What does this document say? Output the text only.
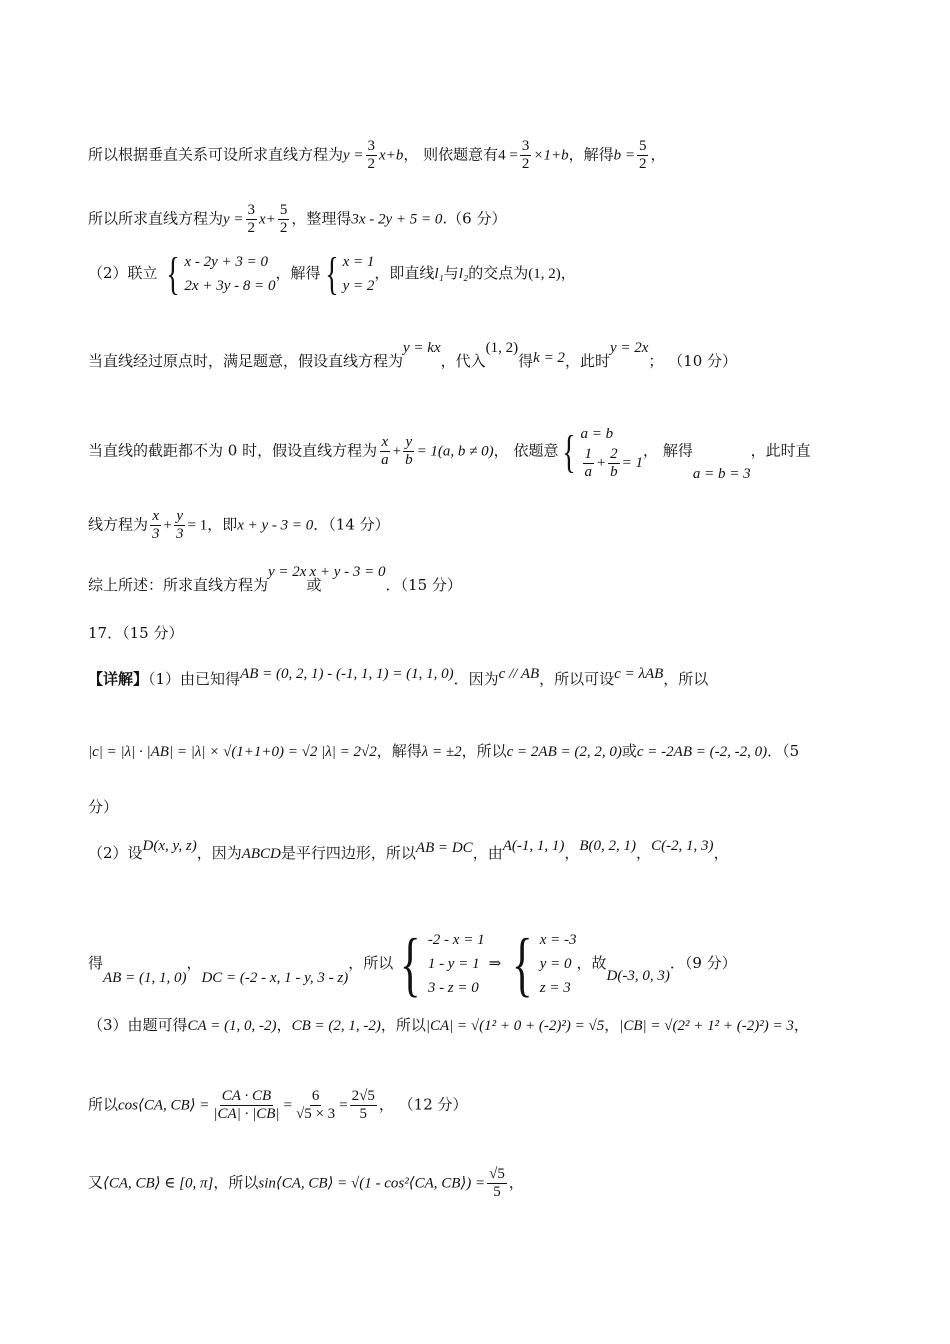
所以根据垂直关系可设所求直线方程为$y = \frac{3}{2} x+b$， 则依题意有$4 = \frac{3}{2} \times 1+b$，解得$b = \frac{5}{2}$ ，
所以所求直线方程为$y = \frac{3}{2} x+ \frac{5}{2}$ ，整理得3x - 2y + 5 = 0.（6 分）
（2）联立 { x - 2y + 3 = 0
2x + 3y - 8 = 0
，解得 { x = 1
y = 2
，即直线l₁与l₂的交点为(1, 2)，
当直线经过原点时，满足题意，假设直线方程为y = kx，代入(1, 2)得k = 2，此时y = 2x； （10 分）
当直线的截距都不为 0 时，假设直线方程为 $\frac{x}{a} + \frac{y}{b} = 1(a$, b ≠ 0)， 依题意 { a = b
$\frac{1}{a} + \frac{2}{b} = 1$
， 解得a = b = 3，此时直
线方程为 $\frac{x}{3} + \frac{y}{3} = 1$，即x + y - 3 = 0．（14 分）
综上所述：所求直线方程为y = 2x或x + y - 3 = 0．（15 分）
17．（15 分）
【详解】（1）由已知得AB = (0, 2, 1) - (-1, 1, 1) = (1, 1, 0)．因为c // AB，所以可设c = λAB，所以
|c| = |λ| · |AB| = |λ| × √(1+1+0) = √2 |λ| = 2√2，解得λ = ±2，所以c = 2AB = (2, 2, 0)或c = -2AB = (-2, -2, 0)．（5
分）
（2）设D(x, y, z)，因为ABCD是平行四边形，所以AB = DC，由A(-1, 1, 1)，B(0, 2, 1)，C(-2, 1, 3)，
得AB = (1, 1, 0)，DC = (-2 - x, 1 - y, 3 - z)，所以 { -2 - x = 1
1 - y = 1
3 - z = 0
⇒ { x = -3
y = 0
z = 3
，故D(-3, 0, 3)．（9 分）
（3）由题可得CA = (1, 0, -2)，CB = (2, 1, -2)，所以|CA| = √(1² + 0 + (-2)²) = √5，|CB| = √(2² + 1² + (-2)²) = 3，
所以cos⟨CA, CB⟩ = $\frac{CA \cdot CB}{|CA| \cdot |CB|} = \frac{6}{√5 \times 3} = \frac{2√5}{5}$ ， （12 分）
又⟨CA, CB⟩ ∈ [0, π]，所以sin⟨CA, CB⟩ = √(1 - cos²⟨CA, CB⟩) = $\frac{√5}{5}$ ，
